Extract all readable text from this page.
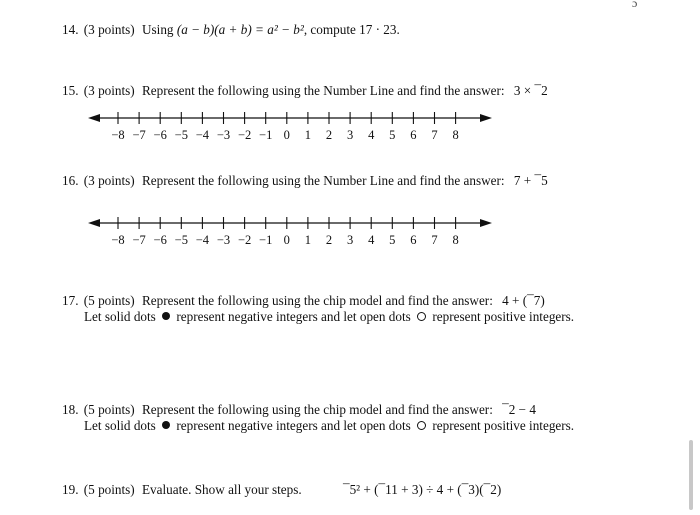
ɔ
14. (3 points) Using (a − b)(a + b) = a² − b², compute 17 · 23.
15. (3 points) Represent the following using the Number Line and find the answer: 3 × ¯2
−8 −7 −6 −5 −4 −3 −2 −1 0 1 2 3 4 5 6 7 8
16. (3 points) Represent the following using the Number Line and find the answer: 7 + ¯5
−8 −7 −6 −5 −4 −3 −2 −1 0 1 2 3 4 5 6 7 8
17. (5 points) Represent the following using the chip model and find the answer: 4 + (¯7)
Let solid dots represent negative integers and let open dots represent positive integers.
18. (5 points) Represent the following using the chip model and find the answer: ¯2 − 4
Let solid dots represent negative integers and let open dots represent positive integers.
19. (5 points) Evaluate. Show all your steps.	¯5² + (¯11 + 3) ÷ 4 + (¯3)(¯2)
